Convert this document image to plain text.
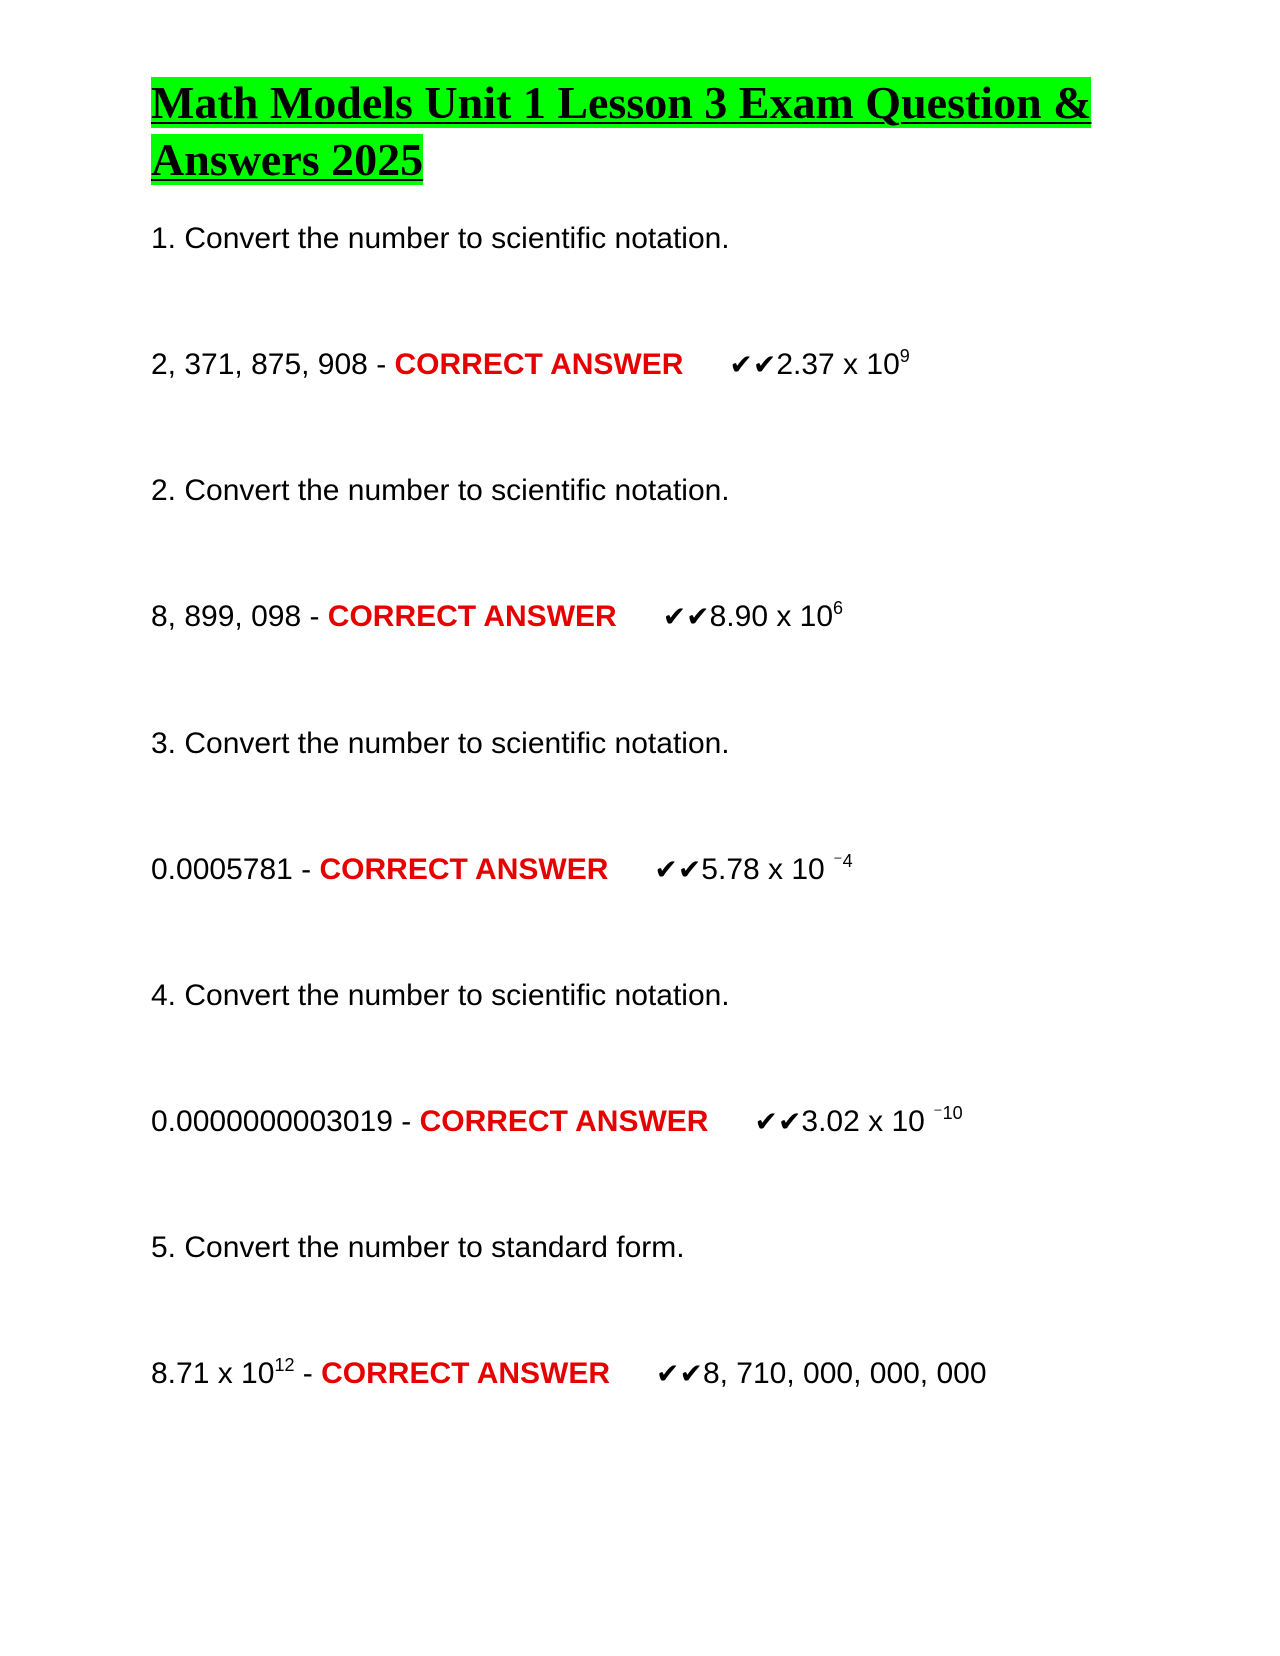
Math Models Unit 1 Lesson 3 Exam Question & Answers 2025
1. Convert the number to scientific notation.
2, 371, 875, 908 - CORRECT ANSWER ✔✔2.37 x $10^9$
2. Convert the number to scientific notation.
8, 899, 098 - CORRECT ANSWER ✔✔8.90 x $10^6$
3. Convert the number to scientific notation.
0.0005781 - CORRECT ANSWER ✔✔5.78 x 10 $^{^-4}$
4. Convert the number to scientific notation.
0.0000000003019 - CORRECT ANSWER ✔✔3.02 x 10 $^{^-10}$
5. Convert the number to standard form.
8.71 x $10^{12}$ - CORRECT ANSWER ✔✔8, 710, 000, 000, 000
